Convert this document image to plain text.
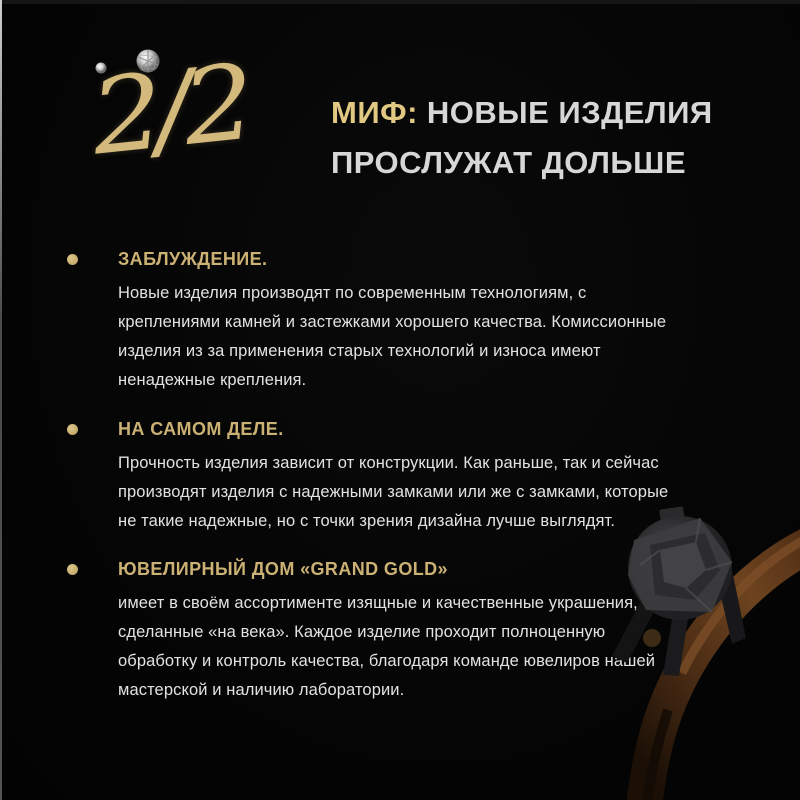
2/2	МИФ: НОВЫЕ ИЗДЕЛИЯ
ПРОСЛУЖАТ ДОЛЬШЕ
ЗАБЛУЖДЕНИЕ.
Новые изделия производят по современным технологиям, с
креплениями камней и застежками хорошего качества. Комиссионные
изделия из за применения старых технологий и износа имеют
ненадежные крепления.
НА САМОМ ДЕЛЕ.
Прочность изделия зависит от конструкции. Как раньше, так и сейчас
производят изделия с надежными замками или же с замками, которые
не такие надежные, но с точки зрения дизайна лучше выглядят.
ЮВЕЛИРНЫЙ ДОМ «GRAND GOLD»
имеет в своём ассортименте изящные и качественные украшения,
сделанные «на века». Каждое изделие проходит полноценную
обработку и контроль качества, благодаря команде ювелиров нашей
мастерской и наличию лаборатории.
